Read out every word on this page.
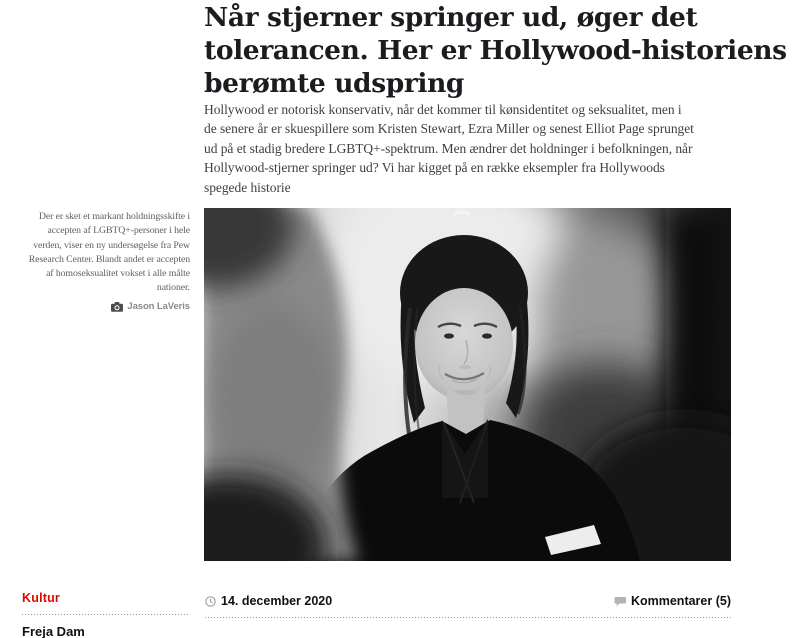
Når stjerner springer ud, øger det
tolerancen. Her er Hollywood-historiens
berømte udspring
Hollywood er notorisk konservativ, når det kommer til kønsidentitet og seksualitet, men i
de senere år er skuespillere som Kristen Stewart, Ezra Miller og senest Elliot Page sprunget
ud på et stadig bredere LGBTQ+-spektrum. Men ændrer det holdninger i befolkningen, når
Hollywood-stjerner springer ud? Vi har kigget på en række eksempler fra Hollywoods
spegede historie
Der er sket et markant holdningsskifte i
accepten af LGBTQ+-personer i hele
verden, viser en ny undersøgelse fra Pew
Research Center. Blandt andet er accepten
af homoseksualitet vokset i alle målte
nationer.
Jason LaVeris
Kultur
Freja Dam
14. december 2020	Kommentarer (5)
